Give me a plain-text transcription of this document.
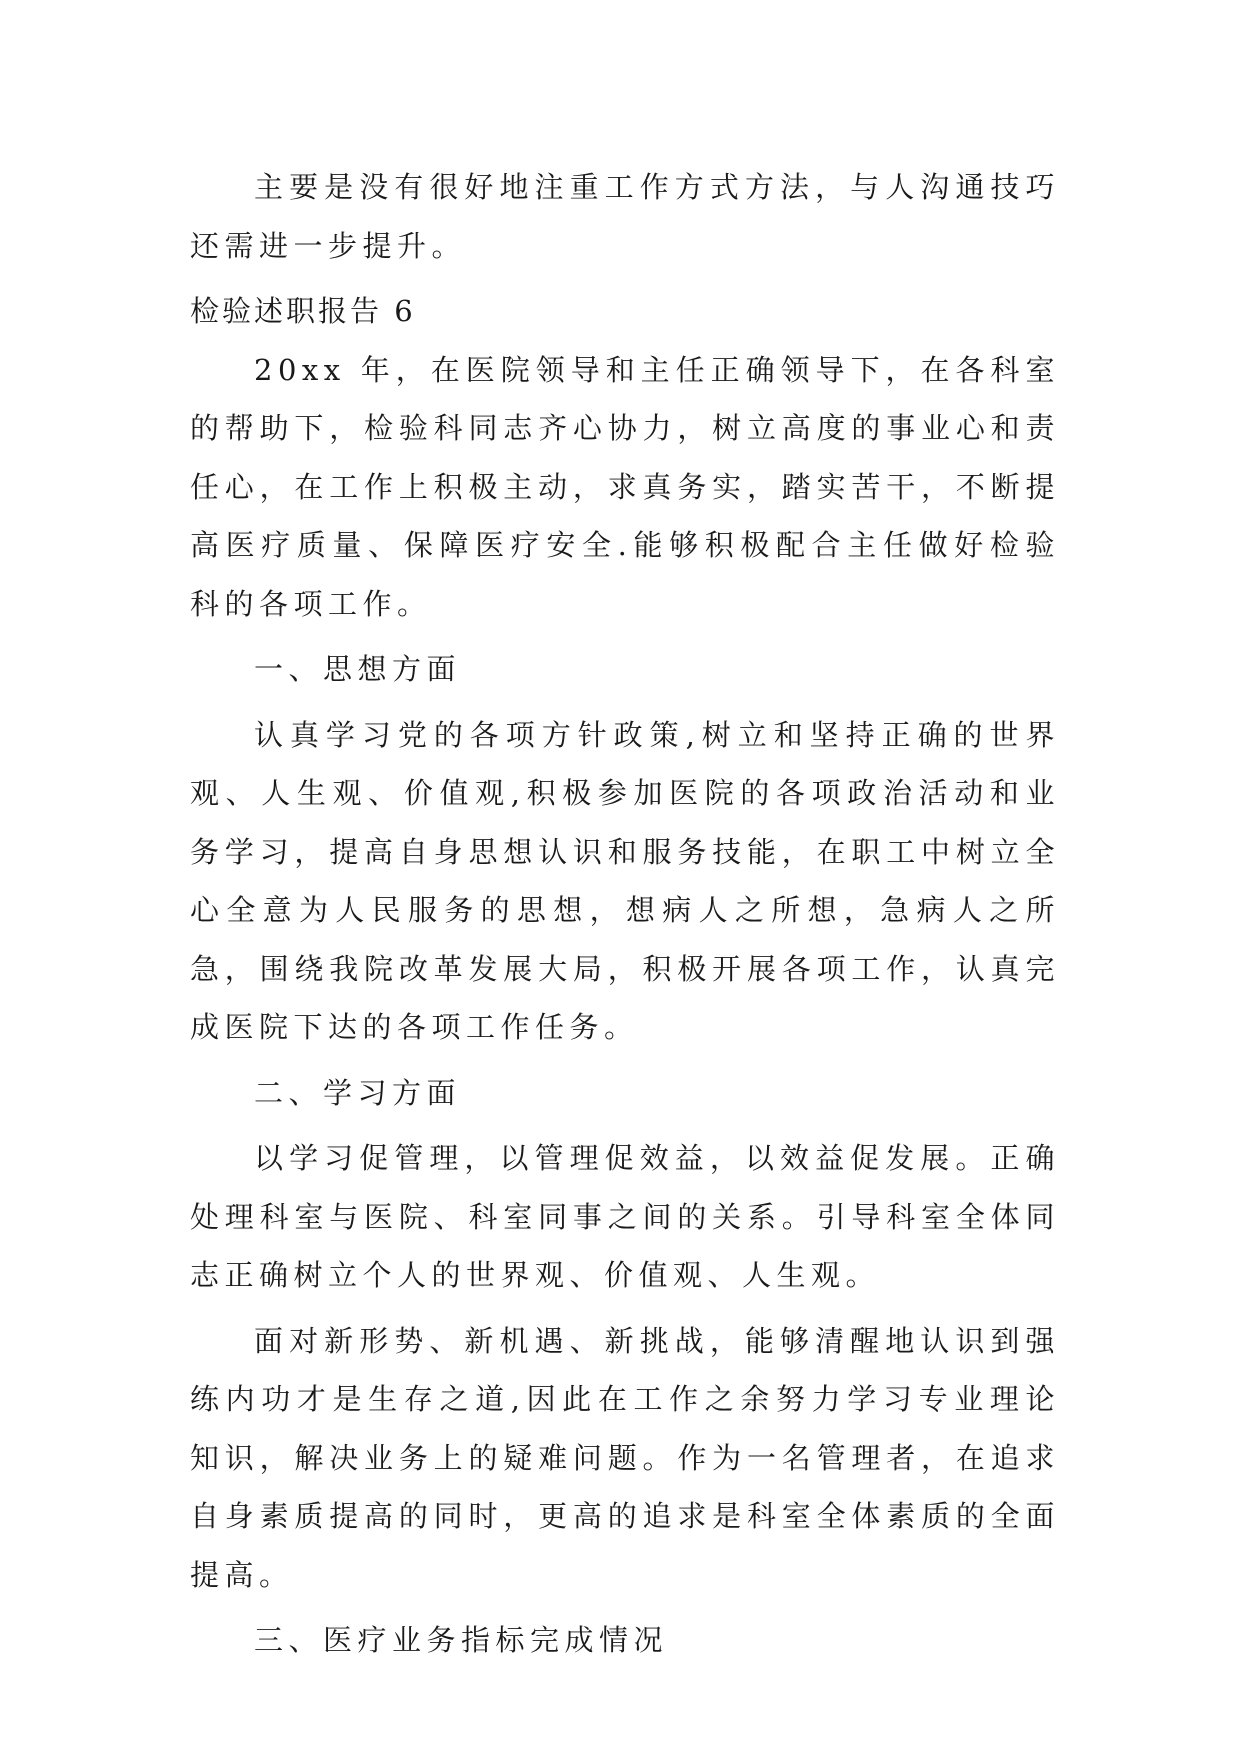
主要是没有很好地注重工作方式方法，与人沟通技巧还需进一步提升。

检验述职报告 6

20xx 年，在医院领导和主任正确领导下，在各科室的帮助下，检验科同志齐心协力，树立高度的事业心和责任心，在工作上积极主动，求真务实，踏实苦干，不断提高医疗质量、保障医疗安全.能够积极配合主任做好检验科的各项工作。

一、思想方面

认真学习党的各项方针政策,树立和坚持正确的世界观、人生观、价值观,积极参加医院的各项政治活动和业务学习，提高自身思想认识和服务技能，在职工中树立全心全意为人民服务的思想，想病人之所想，急病人之所急，围绕我院改革发展大局，积极开展各项工作，认真完成医院下达的各项工作任务。

二、学习方面

以学习促管理，以管理促效益，以效益促发展。正确处理科室与医院、科室同事之间的关系。引导科室全体同志正确树立个人的世界观、价值观、人生观。

面对新形势、新机遇、新挑战，能够清醒地认识到强练内功才是生存之道,因此在工作之余努力学习专业理论知识，解决业务上的疑难问题。作为一名管理者，在追求自身素质提高的同时，更高的追求是科室全体素质的全面提高。

三、医疗业务指标完成情况
